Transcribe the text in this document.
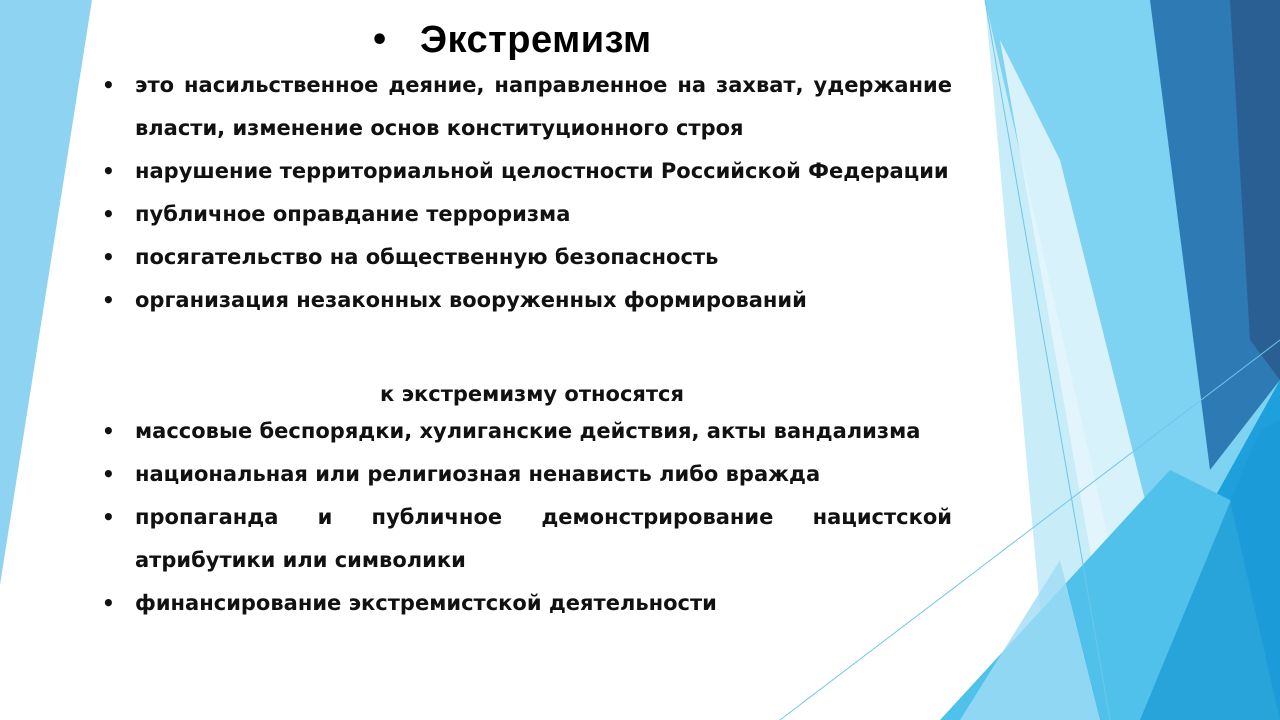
• Экстремизм
• это насильственное деяние, направленное на захват, удержание власти, изменение основ конституционного строя
• нарушение территориальной целостности Российской Федерации
• публичное оправдание терроризма
• посягательство на общественную безопасность
• организация незаконных вооруженных формирований
к экстремизму относятся
• массовые беспорядки, хулиганские действия, акты вандализма
• национальная или религиозная ненависть либо вражда
• пропаганда и публичное демонстрирование нацистской атрибутики или символики
• финансирование экстремистской деятельности
